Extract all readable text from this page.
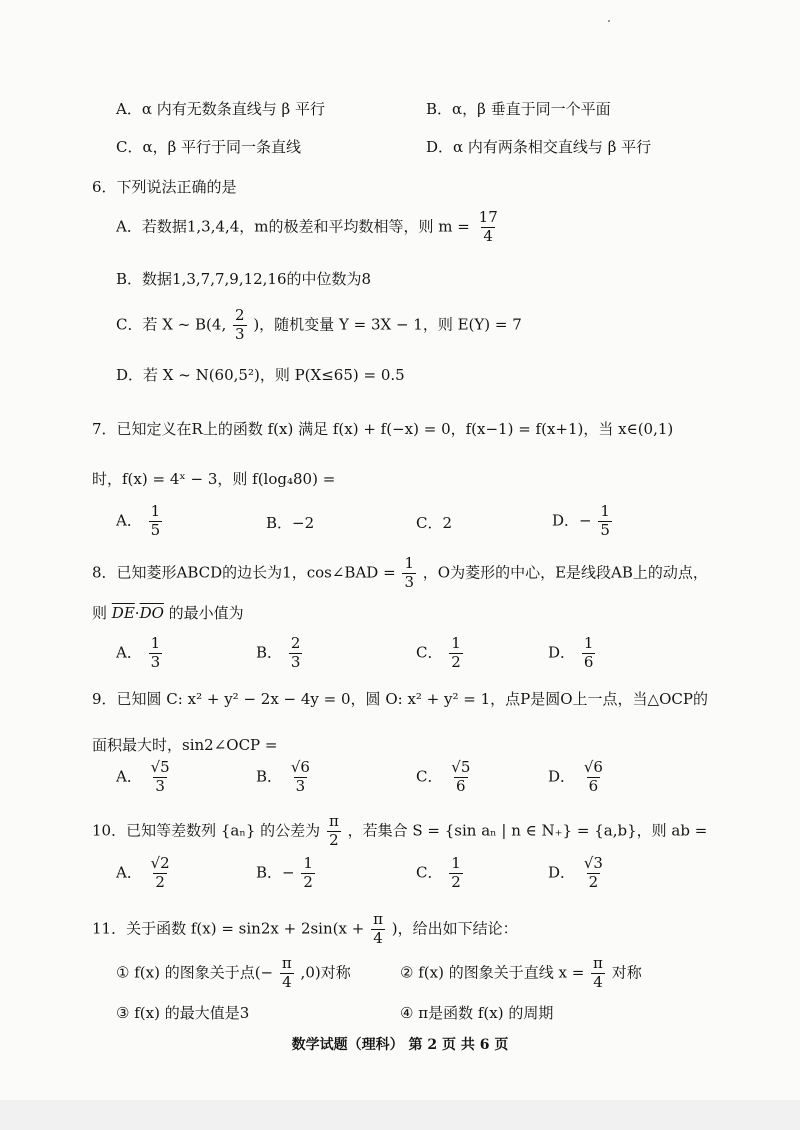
A．α 内有无数条直线与 β 平行	B．α，β 垂直于同一个平面
C．α，β 平行于同一条直线	D．α 内有两条相交直线与 β 平行
6．下列说法正确的是
A．若数据1,3,4,4，m的极差和平均数相等，则 $m = \frac{17}{4}$
B．数据1,3,7,7,9,12,16的中位数为8
C．若 X ~ B(4, $\frac{2}{3}$ )，随机变量 Y = 3X − 1，则 E(Y) = 7
D．若 X ~ N(60,5²)，则 P(X≤65) = 0.5
7．已知定义在R上的函数 f(x) 满足 f(x) + f(−x) = 0，f(x−1) = f(x+1)，当 x∈(0,1)
时，f(x) = 4ˣ − 3，则 f(log₄80) =
A． $\frac{1}{5}$	B．−2	C．2	D．− $\frac{1}{5}$
8．已知菱形ABCD的边长为1，cos∠BAD = $\frac{1}{3}$ ，O为菱形的中心，E是线段AB上的动点，
则 $\overline{DE}\cdot\overline{DO}$ 的最小值为
A． $\frac{1}{3}$	B． $\frac{2}{3}$	C． $\frac{1}{2}$	D． $\frac{1}{6}$
9．已知圆 C: x² + y² − 2x − 4y = 0，圆 O: x² + y² = 1，点P是圆O上一点，当△OCP的
面积最大时，sin2∠OCP =
A． $\frac{√5}{3}$	B． $\frac{√6}{3}$	C． $\frac{√5}{6}$	D． $\frac{√6}{6}$
10．已知等差数列 {aₙ} 的公差为 $\frac{\pi}{2}$ ，若集合 S = {sin aₙ | n ∈ N₊} = {a,b}，则 ab =
A． $\frac{√2}{2}$	B．− $\frac{1}{2}$	C． $\frac{1}{2}$	D． $\frac{√3}{2}$
11．关于函数 $f(x) = \sin 2x + 2\sin(x + \frac{\pi}{4}$ )，给出如下结论：
① f(x) 的图象关于点(− $\frac{\pi}{4} ,0$)对称	② f(x) 的图象关于直线 $x = \frac{\pi}{4}$ 对称
③ f(x) 的最大值是3	④ π是函数 f(x) 的周期
数学试题（理科） 第 2 页 共 6 页
